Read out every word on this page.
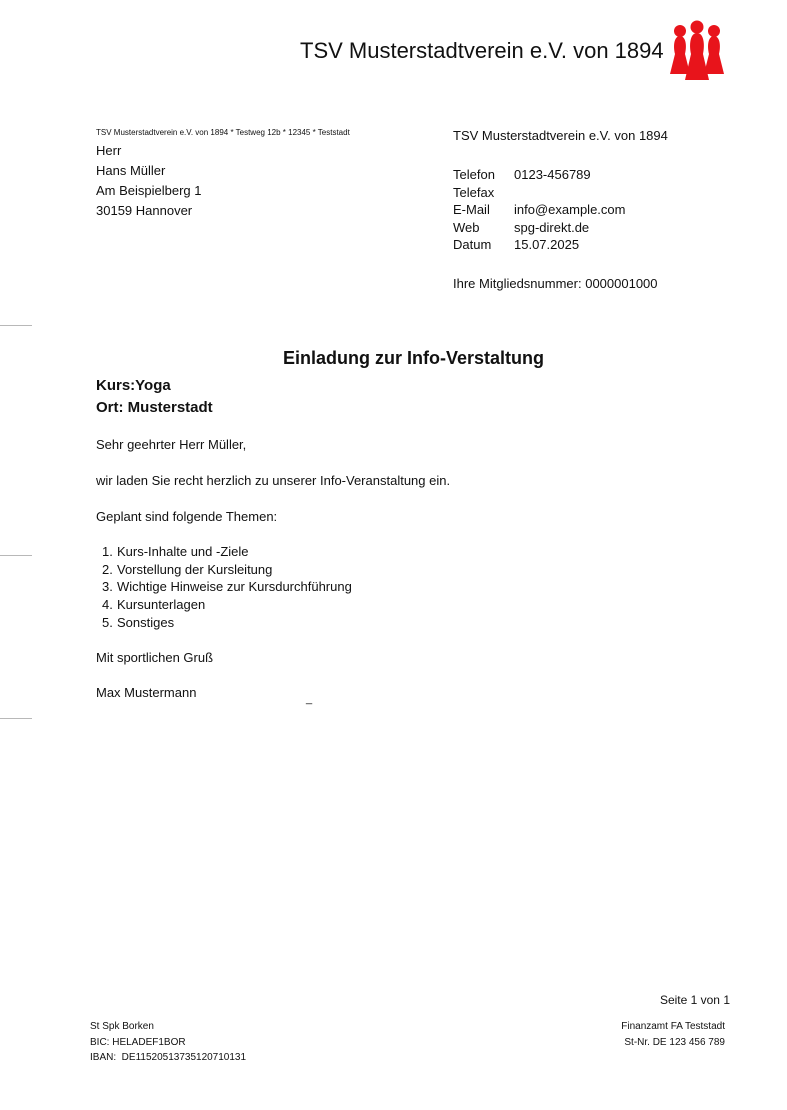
TSV Musterstadtverein e.V. von 1894
TSV Musterstadtverein e.V. von 1894 * Testweg 12b * 12345 * Teststadt
Herr
Hans Müller
Am Beispielberg 1
30159 Hannover
TSV Musterstadtverein e.V. von 1894
Telefon	0123-456789
Telefax
E-Mail	info@example.com
Web	spg-direkt.de
Datum	15.07.2025
Ihre Mitgliedsnummer: 0000001000
Einladung zur Info-Verstaltung
Kurs:Yoga
Ort: Musterstadt
Sehr geehrter Herr Müller,
wir laden Sie recht herzlich zu unserer Info-Veranstaltung ein.
Geplant sind folgende Themen:
1. Kurs-Inhalte und -Ziele
2. Vorstellung der Kursleitung
3. Wichtige Hinweise zur Kursdurchführung
4. Kursunterlagen
5. Sonstiges
Mit sportlichen Gruß
Max Mustermann	_
Seite 1 von 1
St Spk Borken
BIC: HELADEF1BOR
IBAN:  DE11520513735120710131
Finanzamt FA Teststadt
St-Nr. DE 123 456 789
